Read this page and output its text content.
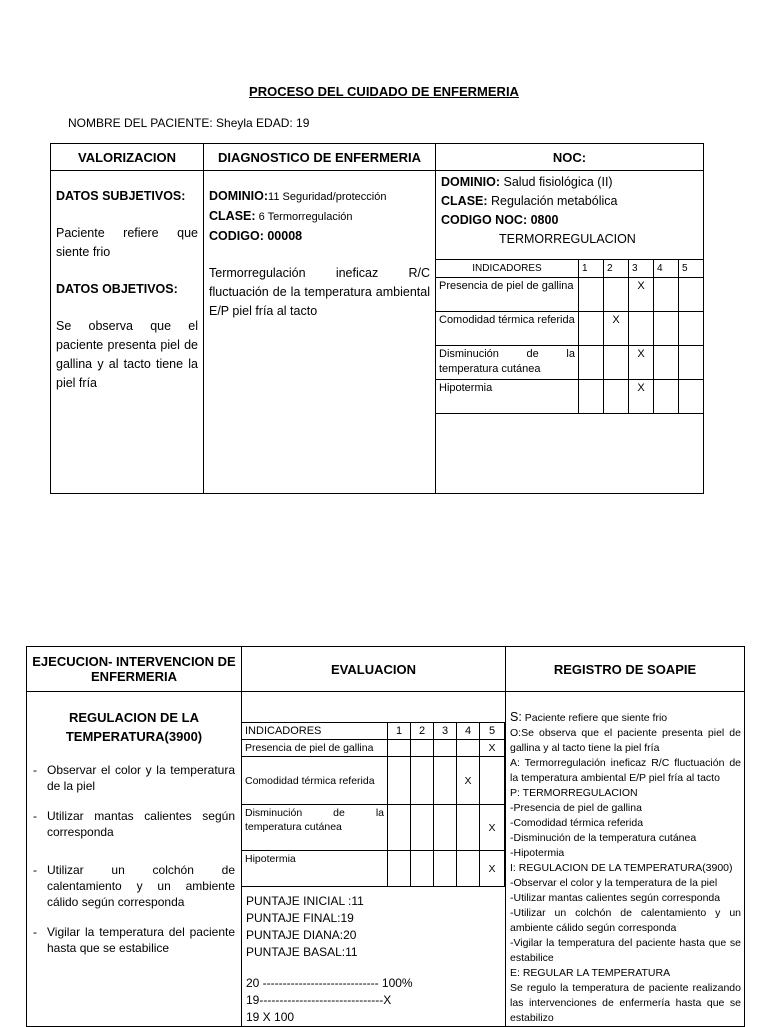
PROCESO DEL CUIDADO DE ENFERMERIA
NOMBRE DEL PACIENTE: Sheyla EDAD: 19
VALORIZACION	DIAGNOSTICO DE ENFERMERIA	NOC:

DATOS SUBJETIVOS:
Paciente refiere que siente frio
DATOS OBJETIVOS:
Se observa que el paciente presenta piel de gallina y al tacto tiene la piel fría

DOMINIO:11 Seguridad/protección
CLASE: 6 Termorregulación
CODIGO: 00008
Termorregulación ineficaz R/C fluctuación de la temperatura ambiental E/P piel fría al tacto

DOMINIO: Salud fisiológica (II)
CLASE: Regulación metabólica
CODIGO NOC: 0800
TERMORREGULACION
INDICADORES	1	2	3	4	5
Presencia de piel de gallina			X		
Comodidad térmica referida		X			
Disminución de la temperatura cutánea			X		
Hipotermia			X		
EJECUCION- INTERVENCION DE ENFERMERIA	EVALUACION	REGISTRO DE SOAPIE

REGULACION DE LA TEMPERATURA(3900)
- Observar el color y la temperatura de la piel
- Utilizar mantas calientes según corresponda
- Utilizar un colchón de calentamiento y un ambiente cálido según corresponda
- Vigilar la temperatura del paciente hasta que se estabilice

INDICADORES	1	2	3	4	5
Presencia de piel de gallina					X
Comodidad térmica referida				X	
Disminución de la temperatura cutánea					X
Hipotermia					X
PUNTAJE INICIAL :11
PUNTAJE FINAL:19
PUNTAJE DIANA:20
PUNTAJE BASAL:11
20 ----------------------------- 100%
19-------------------------------X
19 X 100

S: Paciente refiere que siente frio
O:Se observa que el paciente presenta piel de gallina y al tacto tiene la piel fría
A: Termorregulación ineficaz R/C fluctuación de la temperatura ambiental E/P piel fría al tacto
P: TERMORREGULACION
-Presencia de piel de gallina
-Comodidad térmica referida
-Disminución de la temperatura cutánea
-Hipotermia
I: REGULACION DE LA TEMPERATURA(3900)
-Observar el color y la temperatura de la piel
-Utilizar mantas calientes según corresponda
-Utilizar un colchón de calentamiento y un ambiente cálido según corresponda
-Vigilar la temperatura del paciente hasta que se estabilice
E: REGULAR LA TEMPERATURA
Se regulo la temperatura de paciente realizando las intervenciones de enfermería hasta que se estabilizo
